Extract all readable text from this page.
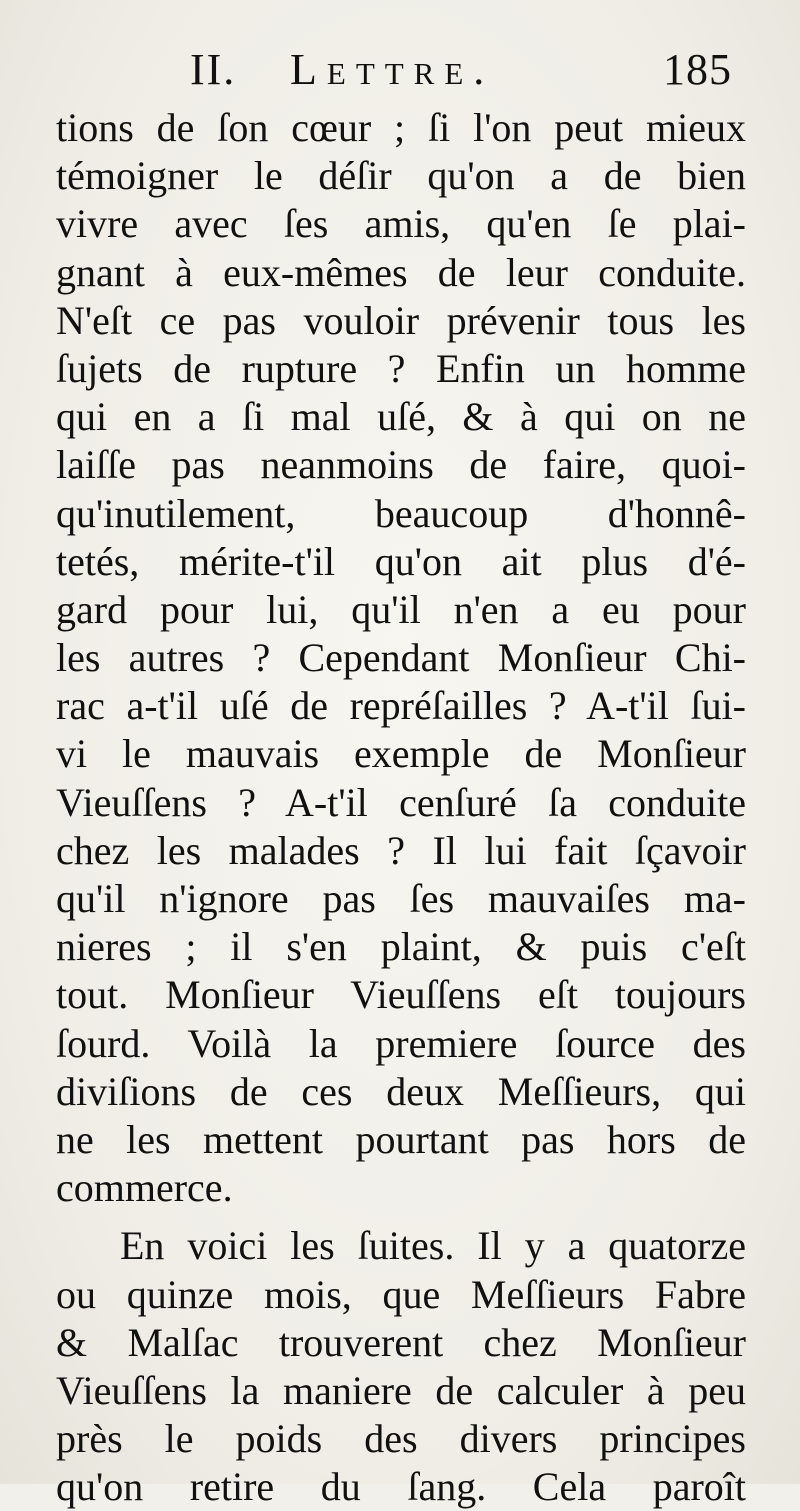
II. Lettre.	185
tions de ſon cœur ; ſi l'on peut mieux
témoigner le déſir qu'on a de bien
vivre avec ſes amis, qu'en ſe plai-
gnant à eux-mêmes de leur conduite.
N'eſt ce pas vouloir prévenir tous les
ſujets de rupture ? Enfin un homme
qui en a ſi mal uſé, & à qui on ne
laiſſe pas neanmoins de faire, quoi-
qu'inutilement, beaucoup d'honnê-
tetés, mérite-t'il qu'on ait plus d'é-
gard pour lui, qu'il n'en a eu pour
les autres ? Cependant Monſieur Chi-
rac a-t'il uſé de repréſailles ? A-t'il ſui-
vi le mauvais exemple de Monſieur
Vieuſſens ? A-t'il cenſuré ſa conduite
chez les malades ? Il lui fait ſçavoir
qu'il n'ignore pas ſes mauvaiſes ma-
nieres ; il s'en plaint, & puis c'eſt
tout. Monſieur Vieuſſens eſt toujours
ſourd. Voilà la premiere ſource des
diviſions de ces deux Meſſieurs, qui
ne les mettent pourtant pas hors de
commerce.
En voici les ſuites. Il y a quatorze
ou quinze mois, que Meſſieurs Fabre
& Malſac trouverent chez Monſieur
Vieuſſens la maniere de calculer à peu
près le poids des divers principes
qu'on retire du ſang. Cela paroît
